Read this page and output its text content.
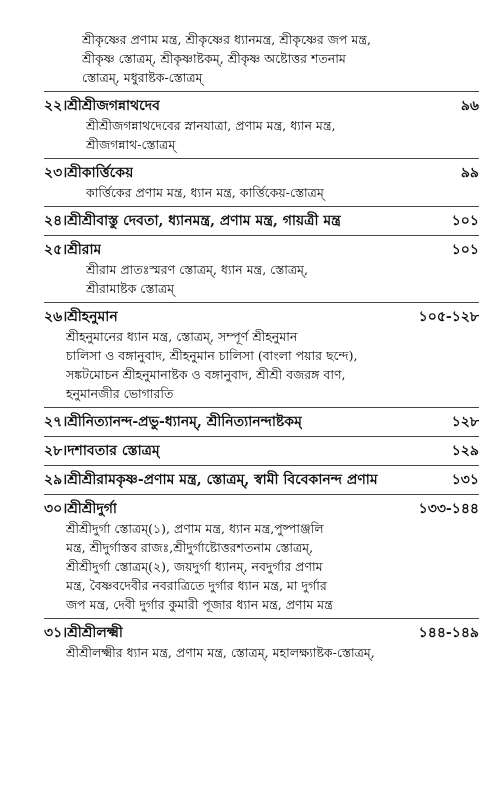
শ্রীকৃষ্ণের প্রণাম মন্ত্র, শ্রীকৃষ্ণের ধ্যানমন্ত্র, শ্রীকৃষ্ণের জপ মন্ত্র,
শ্রীকৃষ্ণ স্তোত্রম্‌, শ্রীকৃষ্ণাষ্টকম্‌, শ্রীকৃষ্ণ অষ্টোত্তর শতনাম
স্তোত্রম্‌, মধুরাষ্টক-স্তোত্রম্‌
২২।শ্রীশ্রীজগন্নাথদেব	৯৬
শ্রীশ্রীজগন্নাথদেবের স্নানযাত্রা, প্রণাম মন্ত্র, ধ্যান মন্ত্র,
শ্রীজগন্নাথ-স্তোত্রম্‌
২৩।শ্রীকার্ত্তিকেয়	৯৯
কার্ত্তিকের প্রণাম মন্ত্র, ধ্যান মন্ত্র, কার্ত্তিকেয়-স্তোত্রম্‌
২৪।শ্রীশ্রীবাস্তু দেবতা, ধ্যানমন্ত্র, প্রণাম মন্ত্র, গায়ত্রী মন্ত্র	১০১
২৫।শ্রীরাম	১০১
শ্রীরাম প্রাতঃস্মরণ স্তোত্রম্‌, ধ্যান মন্ত্র, স্তোত্রম্‌,
শ্রীরামাষ্টক স্তোত্রম্‌
২৬।শ্রীহনুমান	১০৫-১২৮
শ্রীহনুমানের ধ্যান মন্ত্র, স্তোত্রম্‌, সম্পূর্ণ শ্রীহনুমান
চালিসা ও বঙ্গানুবাদ, শ্রীহনুমান চালিসা (বাংলা পয়ার ছন্দে),
সঙ্কটমোচন শ্রীহনুমানাষ্টক ও বঙ্গানুবাদ, শ্রীশ্রী বজরঙ্গ বাণ,
হনুমানজীর ভোগারতি
২৭।শ্রীনিত্যানন্দ-প্রভু-ধ্যানম্‌, শ্রীনিত্যানন্দাষ্টকম্‌	১২৮
২৮।দশাবতার স্তোত্রম্‌	১২৯
২৯।শ্রীশ্রীরামকৃষ্ণ-প্রণাম মন্ত্র, স্তোত্রম্‌, স্বামী বিবেকানন্দ প্রণাম	১৩১
৩০।শ্রীশ্রীদুর্গা	১৩৩-১৪৪
শ্রীশ্রীদুর্গা স্তোত্রম্‌(১), প্রণাম মন্ত্র, ধ্যান মন্ত্র,পুষ্পাঞ্জলি
মন্ত্র, শ্রীদুর্গাস্তব রাজঃ,শ্রীদুর্গাষ্টোত্তরশতনাম স্তোত্রম্‌,
শ্রীশ্রীদুর্গা স্তোত্রম্‌(২), জয়দুর্গা ধ্যানম্‌, নবদুর্গার প্রণাম
মন্ত্র, বৈষ্ণবদেবীর নবরাত্রিতে দুর্গার ধ্যান মন্ত্র, মা দুর্গার
জপ মন্ত্র, দেবী দুর্গার কুমারী পূজার ধ্যান মন্ত্র, প্রণাম মন্ত্র
৩১।শ্রীশ্রীলক্ষ্মী	১৪৪-১৪৯
শ্রীশ্রীলক্ষ্মীর ধ্যান মন্ত্র, প্রণাম মন্ত্র, স্তোত্রম্‌, মহালক্ষ্যাষ্টক-স্তোত্রম্‌,
